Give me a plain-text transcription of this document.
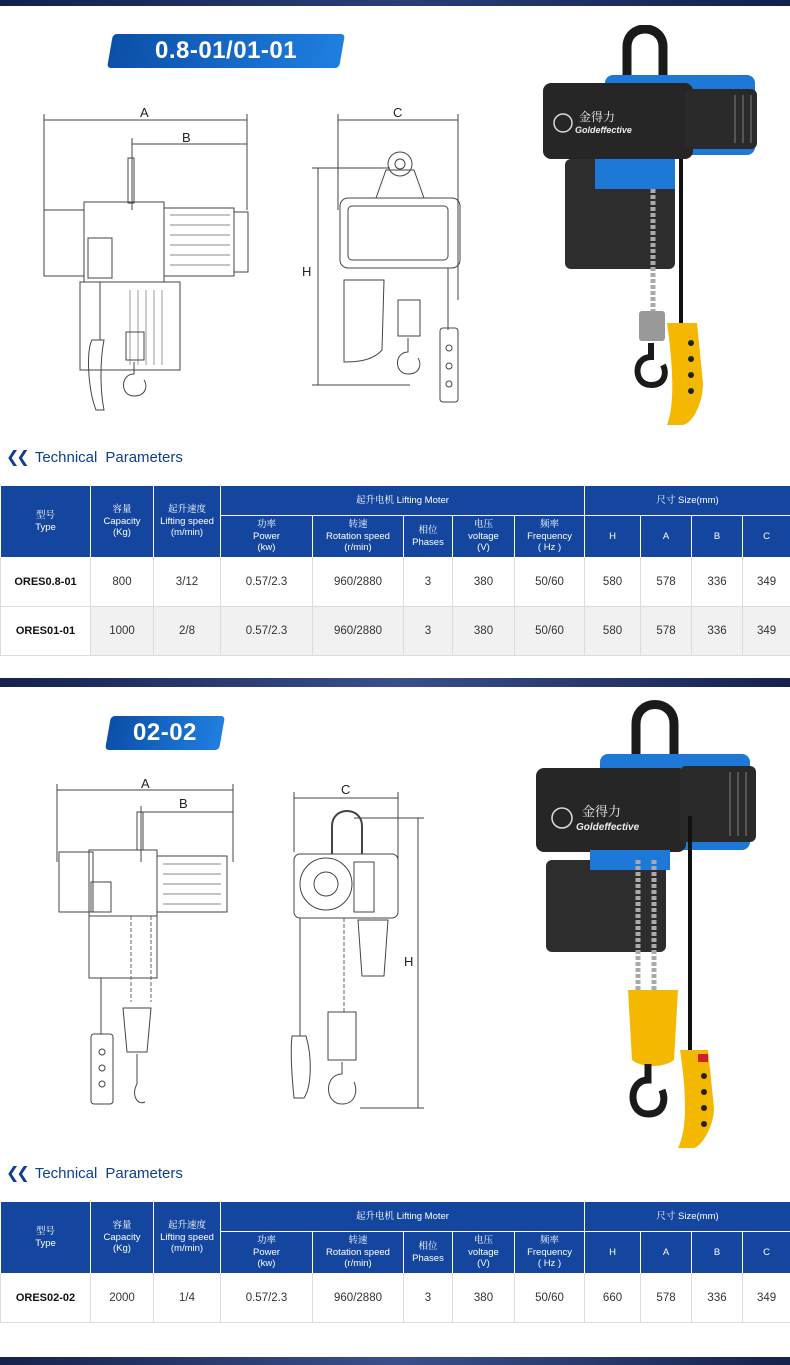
0.8-01/01-01
A
B
C
H
金得力
Goldeffective
❮❮ Technical Parameters
型号
Type	容量
Capacity
(Kg)	起升速度
Lifting speed
(m/min)	起升电机 Lifting Moter					尺寸 Size(mm)			
			功率
Power
(kw)	转速
Rotation speed
(r/min)	相位
Phases	电压
voltage
(V)	频率
Frequency
( Hz )	H	A	B	C
ORES0.8-01	800	3/12	0.57/2.3	960/2880	3	380	50/60	580	578	336	349
ORES01-01	1000	2/8	0.57/2.3	960/2880	3	380	50/60	580	578	336	349
02-02
A
B
C
H
金得力
Goldeffective
❮❮ Technical Parameters
型号
Type	容量
Capacity
(Kg)	起升速度
Lifting speed
(m/min)	起升电机 Lifting Moter					尺寸 Size(mm)			
			功率
Power
(kw)	转速
Rotation speed
(r/min)	相位
Phases	电压
voltage
(V)	频率
Frequency
( Hz )	H	A	B	C
ORES02-02	2000	1/4	0.57/2.3	960/2880	3	380	50/60	660	578	336	349
